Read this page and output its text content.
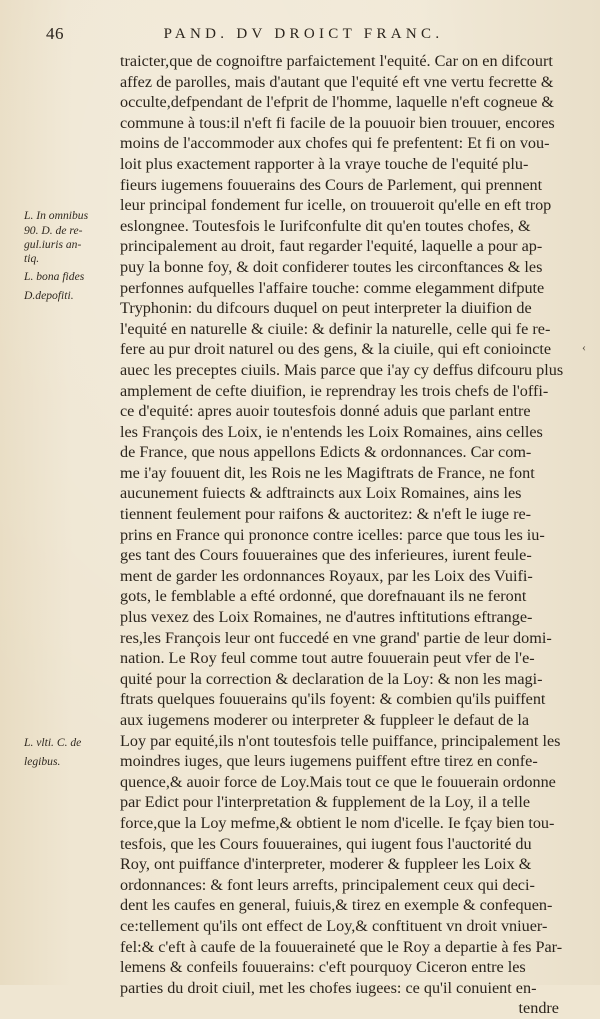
46	PAND. DV DROICT FRANC.
L. In omnibus
90. D. de re-
gul.iuris an-
tiq.
L. bona fides
D.depofiti.
L. vlti. C. de
legibus.
traicter,que de cognoiftre parfaictement l'equité. Car on en difcourt
affez de parolles, mais d'autant que l'equité eft vne vertu fecrette &
occulte,defpendant de l'efprit de l'homme, laquelle n'eft cogneue &
commune à tous:il n'eft fi facile de la pouuoir bien trouuer, encores
moins de l'accommoder aux chofes qui fe prefentent: Et fi on vou-
loit plus exactement rapporter à la vraye touche de l'equité plu-
fieurs iugemens fouuerains des Cours de Parlement, qui prennent
leur principal fondement fur icelle, on trouueroit qu'elle en eft trop
eslongnee. Toutesfois le Iurifconfulte dit qu'en toutes chofes, &
principalement au droit, faut regarder l'equité, laquelle a pour ap-
puy la bonne foy, & doit confiderer toutes les circonftances & les
perfonnes aufquelles l'affaire touche: comme elegamment difpute
Tryphonin: du difcours duquel on peut interpreter la diuifion de
l'equité en naturelle & ciuile: & definir la naturelle, celle qui fe re-
fere au pur droit naturel ou des gens, & la ciuile, qui eft conioincte
auec les preceptes ciuils. Mais parce que i'ay cy deffus difcouru plus
amplement de cefte diuifion, ie reprendray les trois chefs de l'offi-
ce d'equité: apres auoir toutesfois donné aduis que parlant entre
les François des Loix, ie n'entends les Loix Romaines, ains celles
de France, que nous appellons Edicts & ordonnances. Car com-
me i'ay fouuent dit, les Rois ne les Magiftrats de France, ne font
aucunement fuiects & adftraincts aux Loix Romaines, ains les
tiennent feulement pour raifons & auctoritez: & n'eft le iuge re-
prins en France qui prononce contre icelles: parce que tous les iu-
ges tant des Cours fouueraines que des inferieures, iurent feule-
ment de garder les ordonnances Royaux, par les Loix des Vuifi-
gots, le femblable a efté ordonné, que dorefnauant ils ne feront
plus vexez des Loix Romaines, ne d'autres inftitutions eftrange-
res,les François leur ont fuccedé en vne grand' partie de leur domi-
nation. Le Roy feul comme tout autre fouuerain peut vfer de l'e-
quité pour la correction & declaration de la Loy: & non les magi-
ftrats quelques fouuerains qu'ils foyent: & combien qu'ils puiffent
aux iugemens moderer ou interpreter & fuppleer le defaut de la
Loy par equité,ils n'ont toutesfois telle puiffance, principalement les
moindres iuges, que leurs iugemens puiffent eftre tirez en confe-
quence,& auoir force de Loy.Mais tout ce que le fouuerain ordonne
par Edict pour l'interpretation & fupplement de la Loy, il a telle
force,que la Loy mefme,& obtient le nom d'icelle. Ie fçay bien tou-
tesfois, que les Cours fouueraines, qui iugent fous l'auctorité du
Roy, ont puiffance d'interpreter, moderer & fuppleer les Loix &
ordonnances: & font leurs arrefts, principalement ceux qui deci-
dent les caufes en general, fuiuis,& tirez en exemple & confequen-
ce:tellement qu'ils ont effect de Loy,& conftituent vn droit vniuer-
fel:& c'eft à caufe de la fouueraineté que le Roy a departie à fes Par-
lemens & confeils fouuerains: c'eft pourquoy Ciceron entre les
parties du droit ciuil, met les chofes iugees: ce qu'il conuient en-
tendre
‹
